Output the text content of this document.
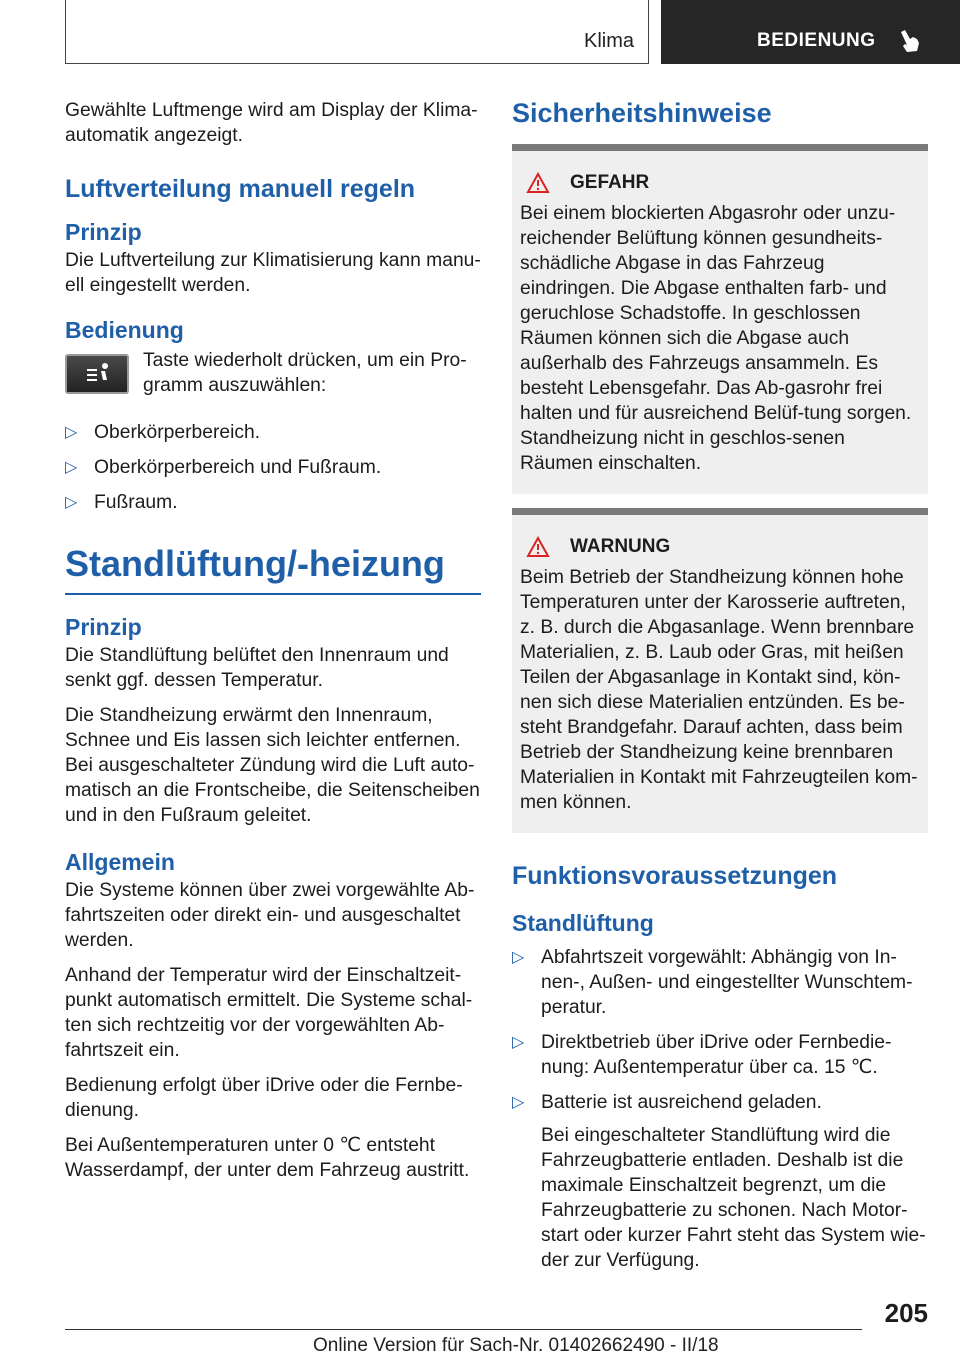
Klima	BEDIENUNG

Gewählte Luftmenge wird am Display der Klima-automatik angezeigt.

Luftverteilung manuell regeln
Prinzip

Die Luftverteilung zur Klimatisierung kann manu-ell eingestellt werden.

Bedienung

Taste wiederholt drücken, um ein Pro-gramm auszuwählen:

▷ Oberkörperbereich.
▷ Oberkörperbereich und Fußraum.
▷ Fußraum.
Standlüftung/-heizung
Prinzip

Die Standlüftung belüftet den Innenraum und senkt ggf. dessen Temperatur.

Die Standheizung erwärmt den Innenraum, Schnee und Eis lassen sich leichter entfernen. Bei ausgeschalteter Zündung wird die Luft auto-matisch an die Frontscheibe, die Seitenscheiben und in den Fußraum geleitet.

Allgemein

Die Systeme können über zwei vorgewählte Ab-fahrtszeiten oder direkt ein- und ausgeschaltet werden.

Anhand der Temperatur wird der Einschaltzeit-punkt automatisch ermittelt. Die Systeme schal-ten sich rechtzeitig vor der vorgewählten Ab-fahrtszeit ein.

Bedienung erfolgt über iDrive oder die Fernbe-dienung.

Bei Außentemperaturen unter 0 ℃ entsteht Wasserdampf, der unter dem Fahrzeug austritt.

Sicherheitshinweise
GEFAHR

Bei einem blockierten Abgasrohr oder unzu-reichender Belüftung können gesundheits-schädliche Abgase in das Fahrzeug eindringen. Die Abgase enthalten farb- und geruchlose Schadstoffe. In geschlossen Räumen können sich die Abgase auch außerhalb des Fahrzeugs ansammeln. Es besteht Lebensgefahr. Das Ab-gasrohr frei halten und für ausreichend Belüf-tung sorgen. Standheizung nicht in geschlos-senen Räumen einschalten.

WARNUNG

Beim Betrieb der Standheizung können hohe Temperaturen unter der Karosserie auftreten, z. B. durch die Abgasanlage. Wenn brennbare Materialien, z. B. Laub oder Gras, mit heißen Teilen der Abgasanlage in Kontakt sind, kön-nen sich diese Materialien entzünden. Es be-steht Brandgefahr. Darauf achten, dass beim Betrieb der Standheizung keine brennbaren Materialien in Kontakt mit Fahrzeugteilen kom-men können.

Funktionsvoraussetzungen
Standlüftung
▷ Abfahrtszeit vorgewählt: Abhängig von In-nen-, Außen- und eingestellter Wunschtem-peratur.
▷ Direktbetrieb über iDrive oder Fernbedie-nung: Außentemperatur über ca. 15 ℃.
▷ Batterie ist ausreichend geladen.
Bei eingeschalteter Standlüftung wird die Fahrzeugbatterie entladen. Deshalb ist die maximale Einschaltzeit begrenzt, um die Fahrzeugbatterie zu schonen. Nach Motor-start oder kurzer Fahrt steht das System wie-der zur Verfügung.
205
Online Version für Sach-Nr. 01402662490 - II/18
